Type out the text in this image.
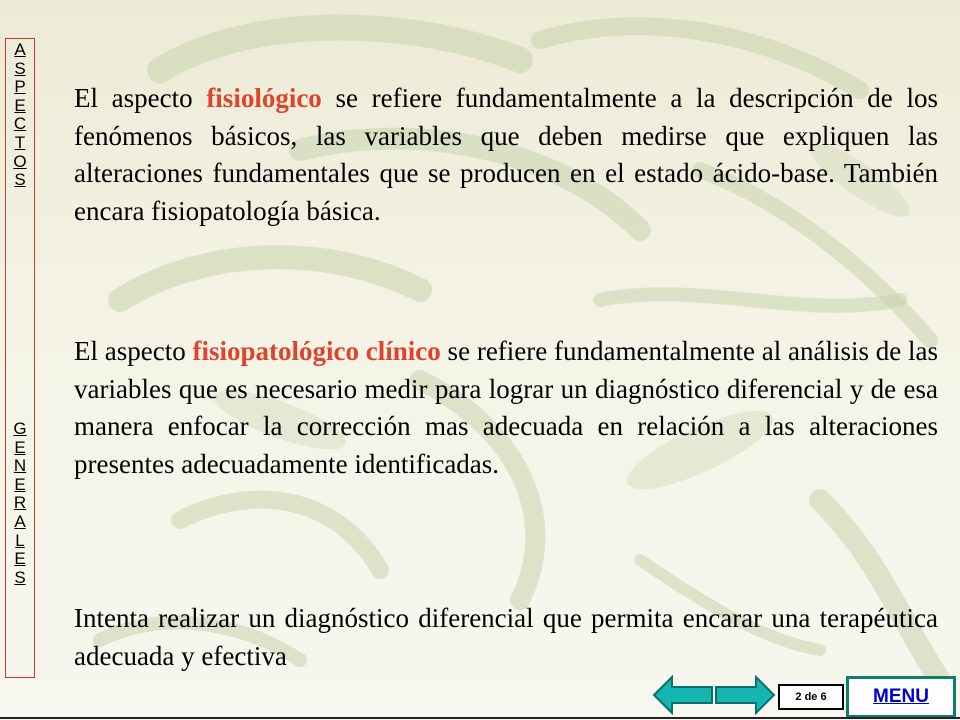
A
S
P
E
C
T
O
S
G
E
N
E
R
A
L
E
S
El aspecto fisiológico se refiere fundamentalmente a la descripción de los fenómenos básicos, las variables que deben medirse que expliquen las alteraciones fundamentales que se producen en el estado ácido-base. También encara fisiopatología básica.
El aspecto fisiopatológico clínico se refiere fundamentalmente al análisis de las variables que es necesario medir para lograr un diagnóstico diferencial y de esa manera enfocar la corrección mas adecuada en relación a las alteraciones presentes adecuadamente identificadas.
Intenta realizar un diagnóstico diferencial que permita encarar una terapéutica adecuada y efectiva
2 de 6 MENU
